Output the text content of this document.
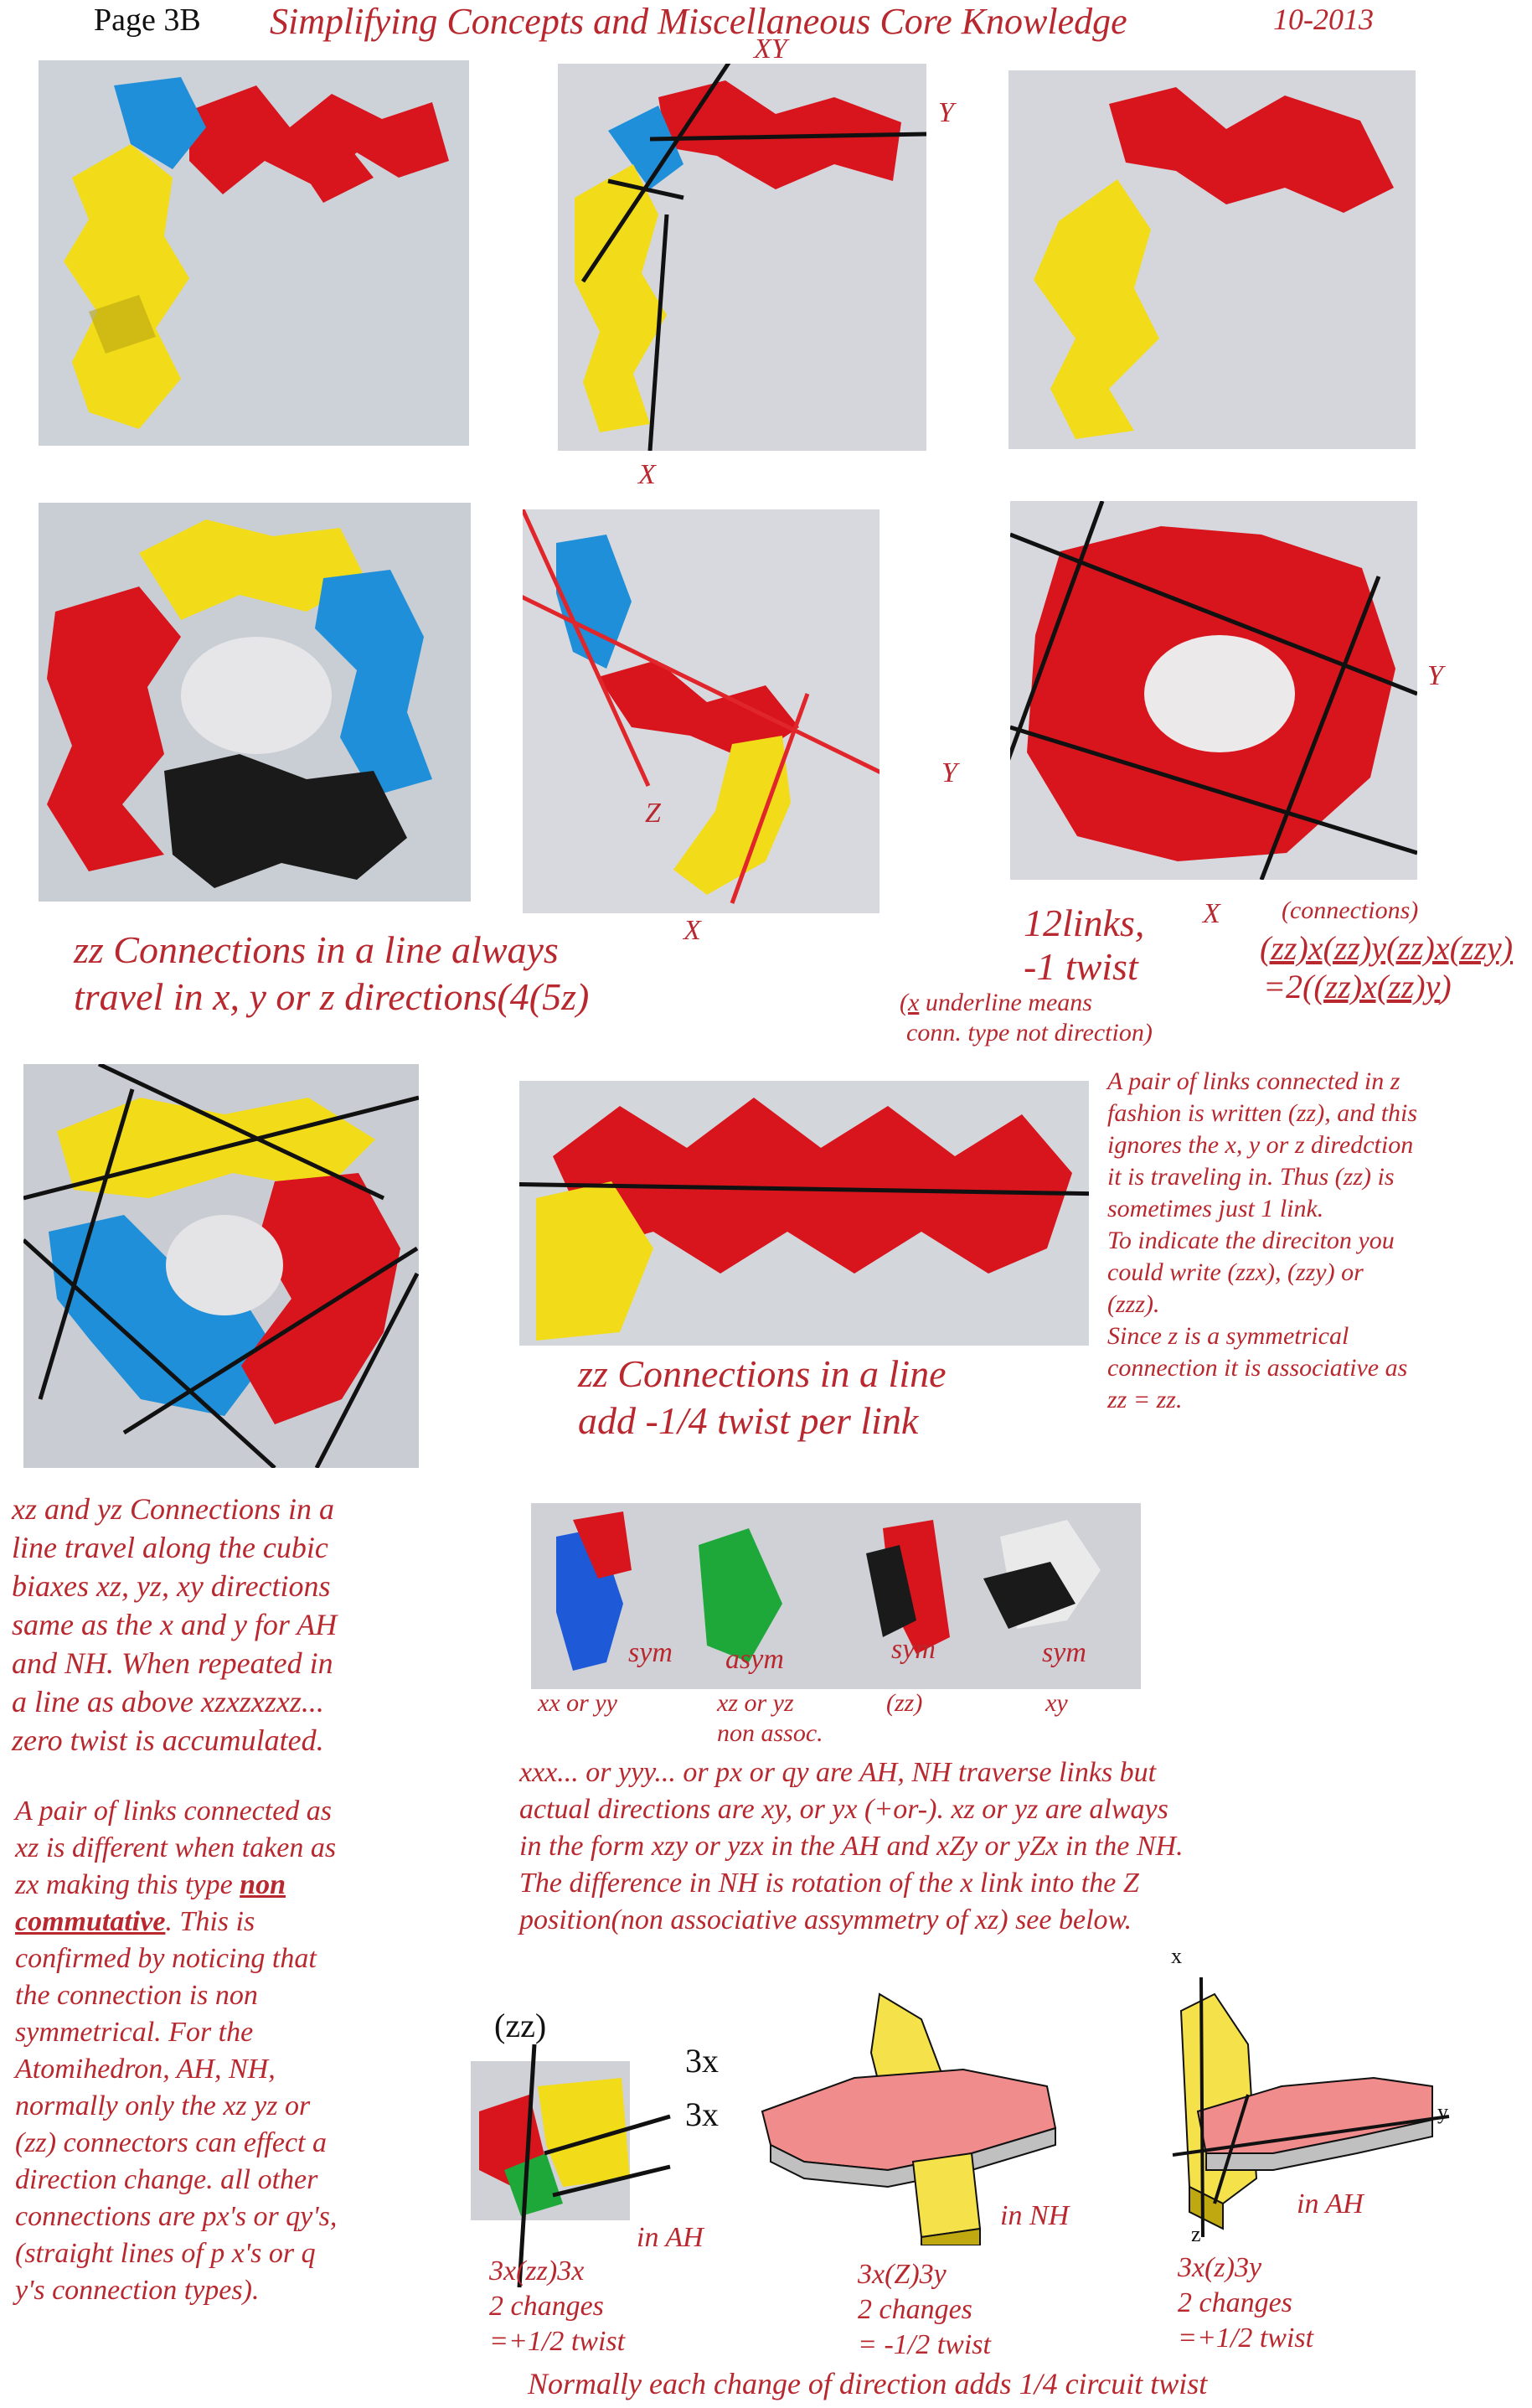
Page 3B Simplifying Concepts and Miscellaneous Core Knowledge	10-2013
XY
Y
X
Z
Y
X
Y
X
zz Connections in a line always
travel in x, y or z directions(4(5z)
12links,
-1 twist
(x underline means
conn. type not direction)
(connections)
(zz)x(zz)y(zz)x(zzy)
=2((zz)x(zz)y)
zz Connections in a line
add -1/4 twist per link
A pair of links connected in z
fashion is written (zz), and this
ignores the x, y or z diredction
it is traveling in. Thus (zz) is
sometimes just 1 link.
To indicate the direciton you
could write (zzx), (zzy) or
(zzz).
Since z is a symmetrical
connection it is associative as
zz = zz.
xz and yz Connections in a
line travel along the cubic
biaxes xz, yz, xy directions
same as the x and y for AH
and NH. When repeated in
a line as above xzxzxzxz...
zero twist is accumulated.
A pair of links connected as
xz is different when taken as
zx making this type non
commutative. This is
confirmed by noticing that
the connection is non
symmetrical. For the
Atomihedron, AH, NH,
normally only the xz yz or
(zz) connectors can effect a
direction change. all other
connections are px's or qy's,
(straight lines of p x's or q
y's connection types).
sym asym	sym	sym
xx or yy	xz or yz
non assoc.
(zz)	xy
xxx... or yyy... or px or qy are AH, NH traverse links but
actual directions are xy, or yx (+or-). xz or yz are always
in the form xzy or yzx in the AH and xZy or yZx in the NH.
The difference in NH is rotation of the x link into the Z
position(non associative assymmetry of xz) see below.
(zz)
3x
3x
in AH
in NH
x
y
z
in AH
3x(zz)3x
2 changes
=+1/2 twist
3x(Z)3y
2 changes
= -1/2 twist
3x(z)3y
2 changes
=+1/2 twist
Normally each change of direction adds 1/4 circuit twist
